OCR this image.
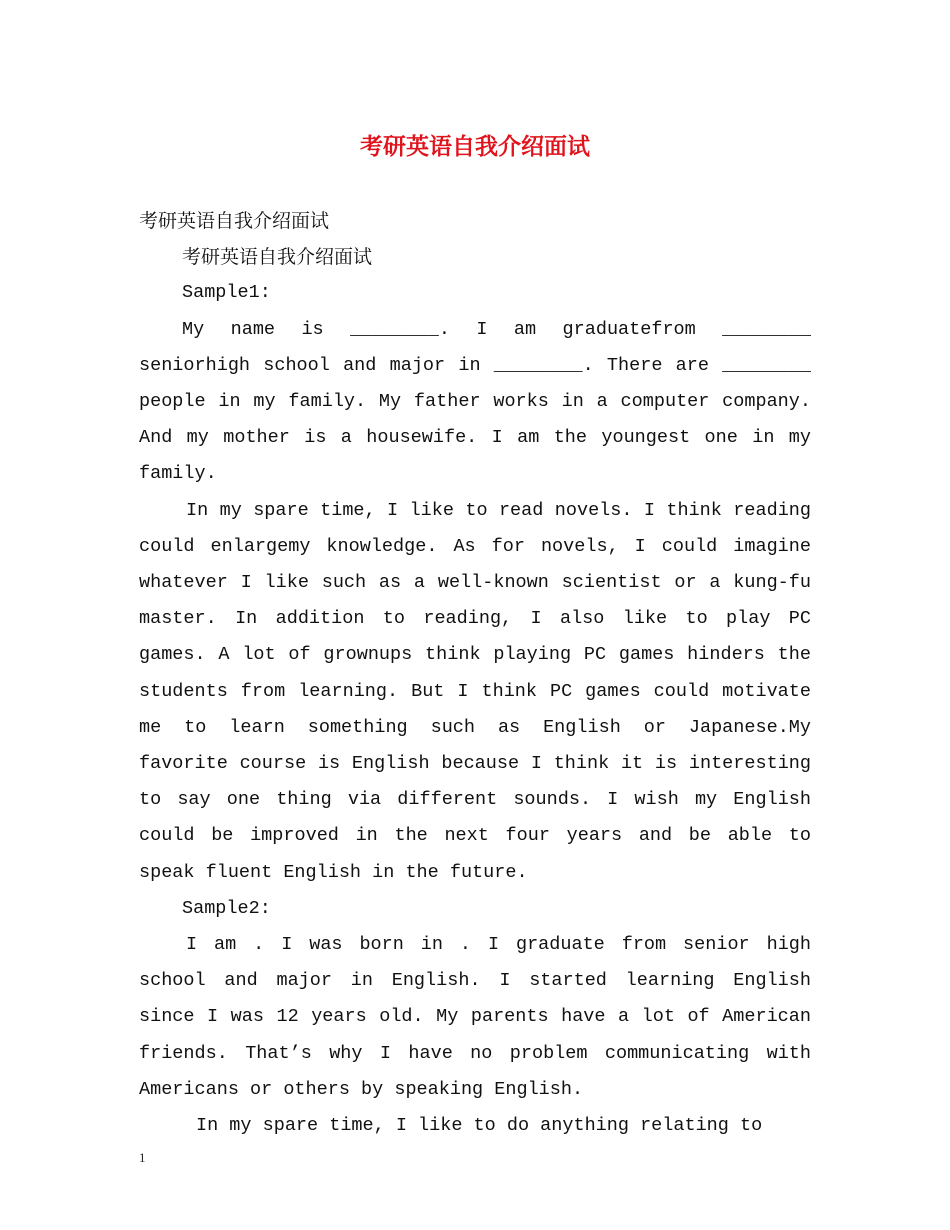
考研英语自我介绍面试

考研英语自我介绍面试

考研英语自我介绍面试

Sample1:

My name is ________. I am graduatefrom ________ seniorhigh school and major in ________. There are ________ people in my family. My father works in a computer company. And my mother is a housewife. I am the youngest one in my family.

In my spare time, I like to read novels. I think reading could enlargemy knowledge. As for novels, I could imagine whatever I like such as a well-known scientist or a kung-fu master. In addition to reading, I also like to play PC games. A lot of grownups think playing PC games hinders the students from learning. But I think PC games could motivate me to learn something such as English or Japanese.My favorite course is English because I think it is interesting to say one thing via different sounds. I wish my English could be improved in the next four years and be able to speak fluent English in the future.

Sample2:

I am . I was born in . I graduate from senior high school and major in English. I started learning English since I was 12 years old. My parents have a lot of American friends. That’s why I have no problem communicating with Americans or others by speaking English.

In my spare time, I like to do anything relating to

1
